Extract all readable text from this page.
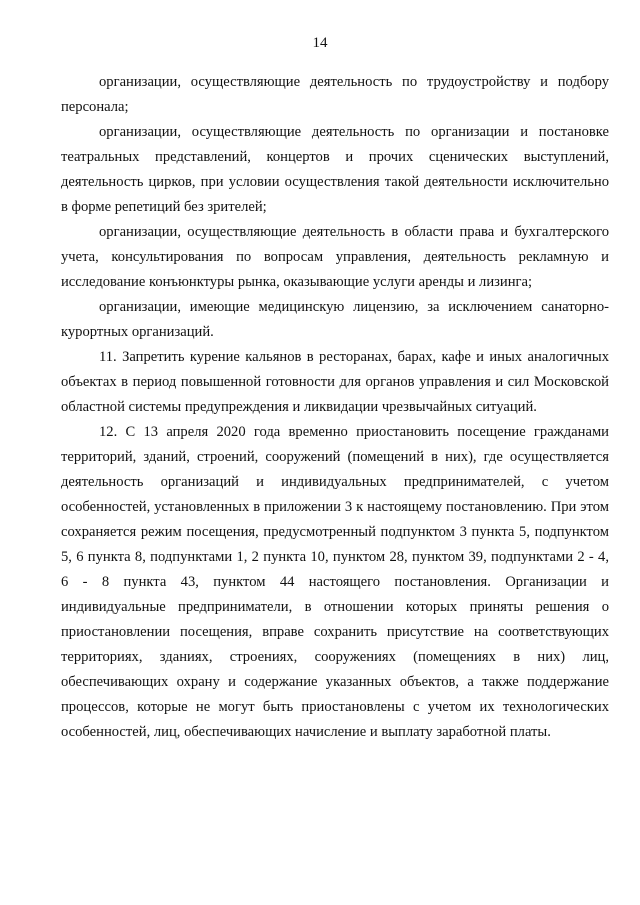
14

организации, осуществляющие деятельность по трудоустройству и подбору персонала;

организации, осуществляющие деятельность по организации и постановке театральных представлений, концертов и прочих сценических выступлений, деятельность цирков, при условии осуществления такой деятельности исключительно в форме репетиций без зрителей;

организации, осуществляющие деятельность в области права и бухгалтерского учета, консультирования по вопросам управления, деятельность рекламную и исследование конъюнктуры рынка, оказывающие услуги аренды и лизинга;

организации, имеющие медицинскую лицензию, за исключением санаторно-курортных организаций.

11. Запретить курение кальянов в ресторанах, барах, кафе и иных аналогичных объектах в период повышенной готовности для органов управления и сил Московской областной системы предупреждения и ликвидации чрезвычайных ситуаций.

12. С 13 апреля 2020 года временно приостановить посещение гражданами территорий, зданий, строений, сооружений (помещений в них), где осуществляется деятельность организаций и индивидуальных предпринимателей, с учетом особенностей, установленных в приложении 3 к настоящему постановлению. При этом сохраняется режим посещения, предусмотренный подпунктом 3 пункта 5, подпунктом 5, 6 пункта 8, подпунктами 1, 2 пункта 10, пунктом 28, пунктом 39, подпунктами 2 - 4, 6 - 8 пункта 43, пунктом 44 настоящего постановления. Организации и индивидуальные предприниматели, в отношении которых приняты решения о приостановлении посещения, вправе сохранить присутствие на соответствующих территориях, зданиях, строениях, сооружениях (помещениях в них) лиц, обеспечивающих охрану и содержание указанных объектов, а также поддержание процессов, которые не могут быть приостановлены с учетом их технологических особенностей, лиц, обеспечивающих начисление и выплату заработной платы.
